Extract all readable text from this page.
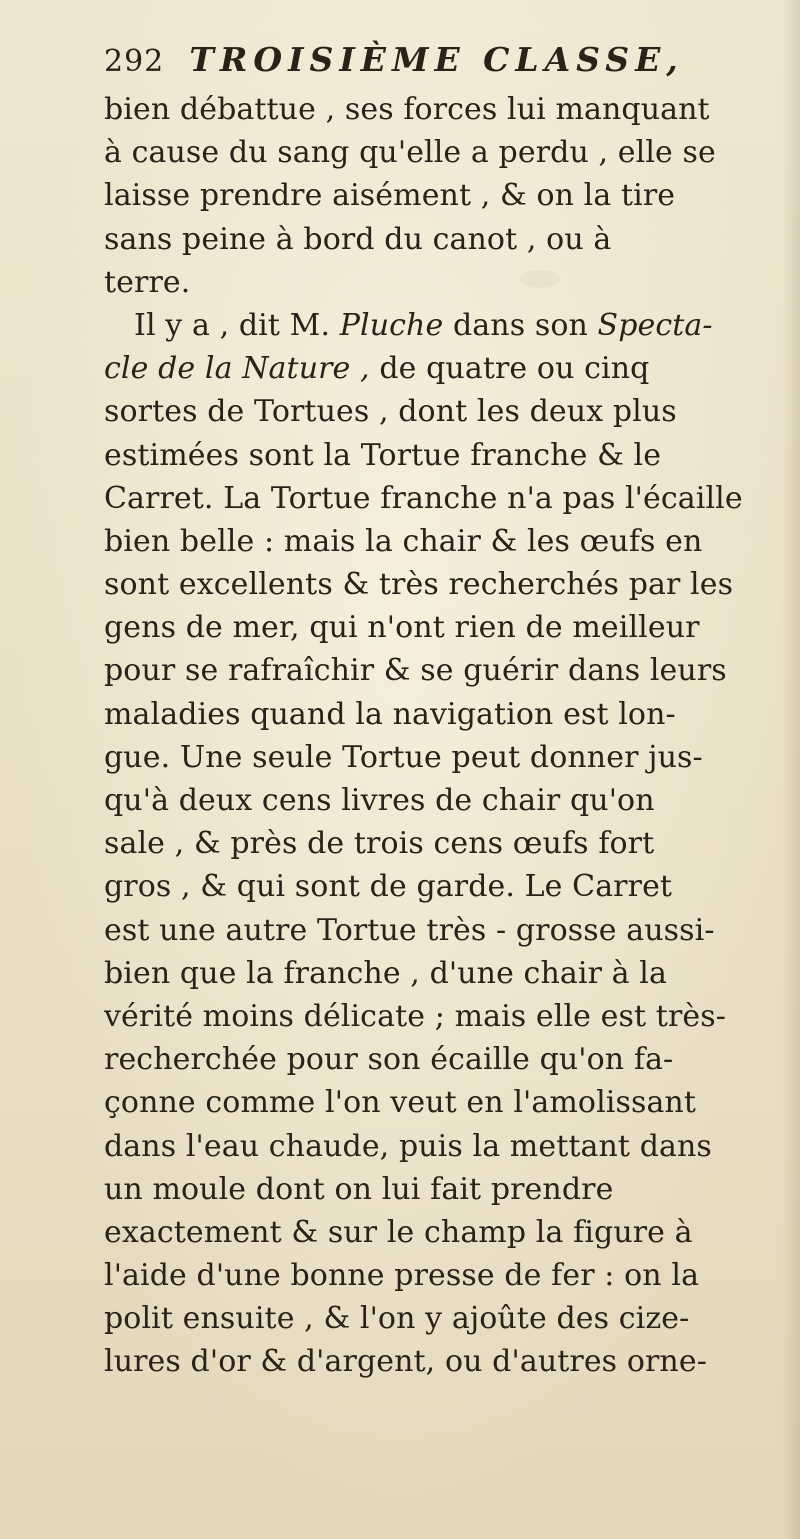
292 TROISIÈME CLASSE,
bien débattue , ses forces lui manquant
à cause du sang qu'elle a perdu , elle se
laisse prendre aisément , & on la tire
sans peine à bord du canot , ou à
terre.
Il y a , dit M. Pluche dans son Specta-
cle de la Nature , de quatre ou cinq
sortes de Tortues , dont les deux plus
estimées sont la Tortue franche & le
Carret. La Tortue franche n'a pas l'écaille
bien belle : mais la chair & les œufs en
sont excellents & très recherchés par les
gens de mer, qui n'ont rien de meilleur
pour se rafraîchir & se guérir dans leurs
maladies quand la navigation est lon-
gue. Une seule Tortue peut donner jus-
qu'à deux cens livres de chair qu'on
sale , & près de trois cens œufs fort
gros , & qui sont de garde. Le Carret
est une autre Tortue très - grosse aussi-
bien que la franche , d'une chair à la
vérité moins délicate ; mais elle est très-
recherchée pour son écaille qu'on fa-
çonne comme l'on veut en l'amolissant
dans l'eau chaude, puis la mettant dans
un moule dont on lui fait prendre
exactement & sur le champ la figure à
l'aide d'une bonne presse de fer : on la
polit ensuite , & l'on y ajoûte des cize-
lures d'or & d'argent, ou d'autres orne-
